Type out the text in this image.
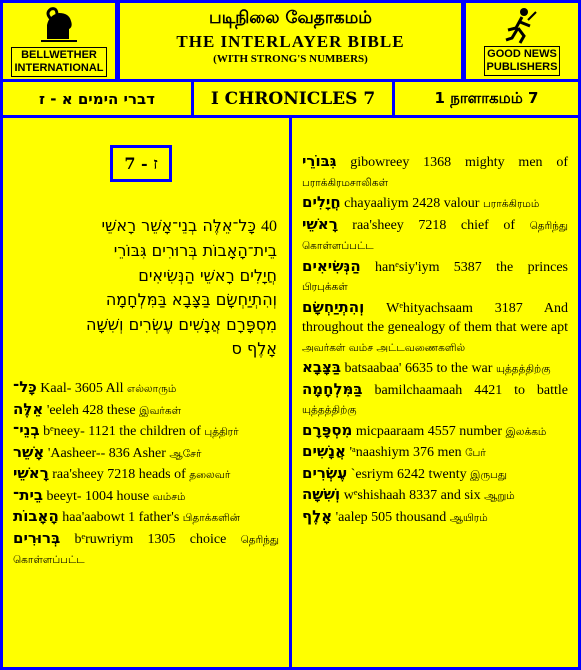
BELLWETHER
INTERNATIONAL
படிநிலை வேதாகமம்
THE INTERLAYER BIBLE
(WITH STRONG'S NUMBERS)	GOOD NEWS
PUBLISHERS
דברי הימים א - ז	I CHRONICLES 7	1 நாளாகமம் 7
ז - 7
40 כָּל־אֵלֶּה בְנֵי־אָשֵׁר רָאשֵׁי
בֵית־הָאָבוֹת בְּרוּרִים גִּבּוֹרֵי
חֲיָלִים רָאשֵׁי הַנְּשִׂיאִים
וְהִתְיַחְשָׂם בַּצָּבָא בַּמִּלְחָמָה
מִסְפָּרָם אֲנָשִׁים עֶשְׂרִים וְשִׁשָּׁה
אָלֶף ס
כָּל־ Kaal- 3605 All எல்லாரும்
אֵלֶּה 'eeleh 428 these இவர்கள்
בְנֵי־ bᵉneey- 1121 the children of புத்திரர்
אָשֵׁר 'Aasheer-- 836 Asher ஆசேர்
רָאשֵׁי raa'sheey 7218 heads of தலைவர்
בֵית־ beeyt- 1004 house வம்சம்
הָאָבוֹת haa'aabowt 1 father's பிதாக்களின்
בְּרוּרִים bᵉruwriym 1305 choice தெரிந்து கொள்ளப்பட்ட
גִּבּוֹרֵי gibowreey 1368 mighty men of பராக்கிரமசாலிகள்
חֲיָלִים chayaaliym 2428 valour பராக்கிரமம்
רָאשֵׁי raa'sheey 7218 chief of தெரிந்து கொள்ளப்பட்ட
הַנְּשִׂיאִים hanᵉsiy'iym 5387 the princes பிரபுக்கள்
וְהִתְיַחְשָׂם Wᵉhityachsaam 3187 And throughout the genealogy of them that were apt அவர்கள் வம்ச அட்டவணைகளில்
בַּצָּבָא batsaabaa' 6635 to the war யுத்தத்திற்கு
בַּמִּלְחָמָה bamilchaamaah 4421 to battle யுத்தத்திற்கு
מִסְפָּרָם micpaaraam 4557 number இலக்கம்
אֲנָשִׁים 'ᵃnaashiym 376 men பேர்
עֶשְׂרִים `esriym 6242 twenty இருபது
וְשִׁשָּׁה wᵉshishaah 8337 and six ஆறும்
אָלֶף 'aalep 505 thousand ஆயிரம்
